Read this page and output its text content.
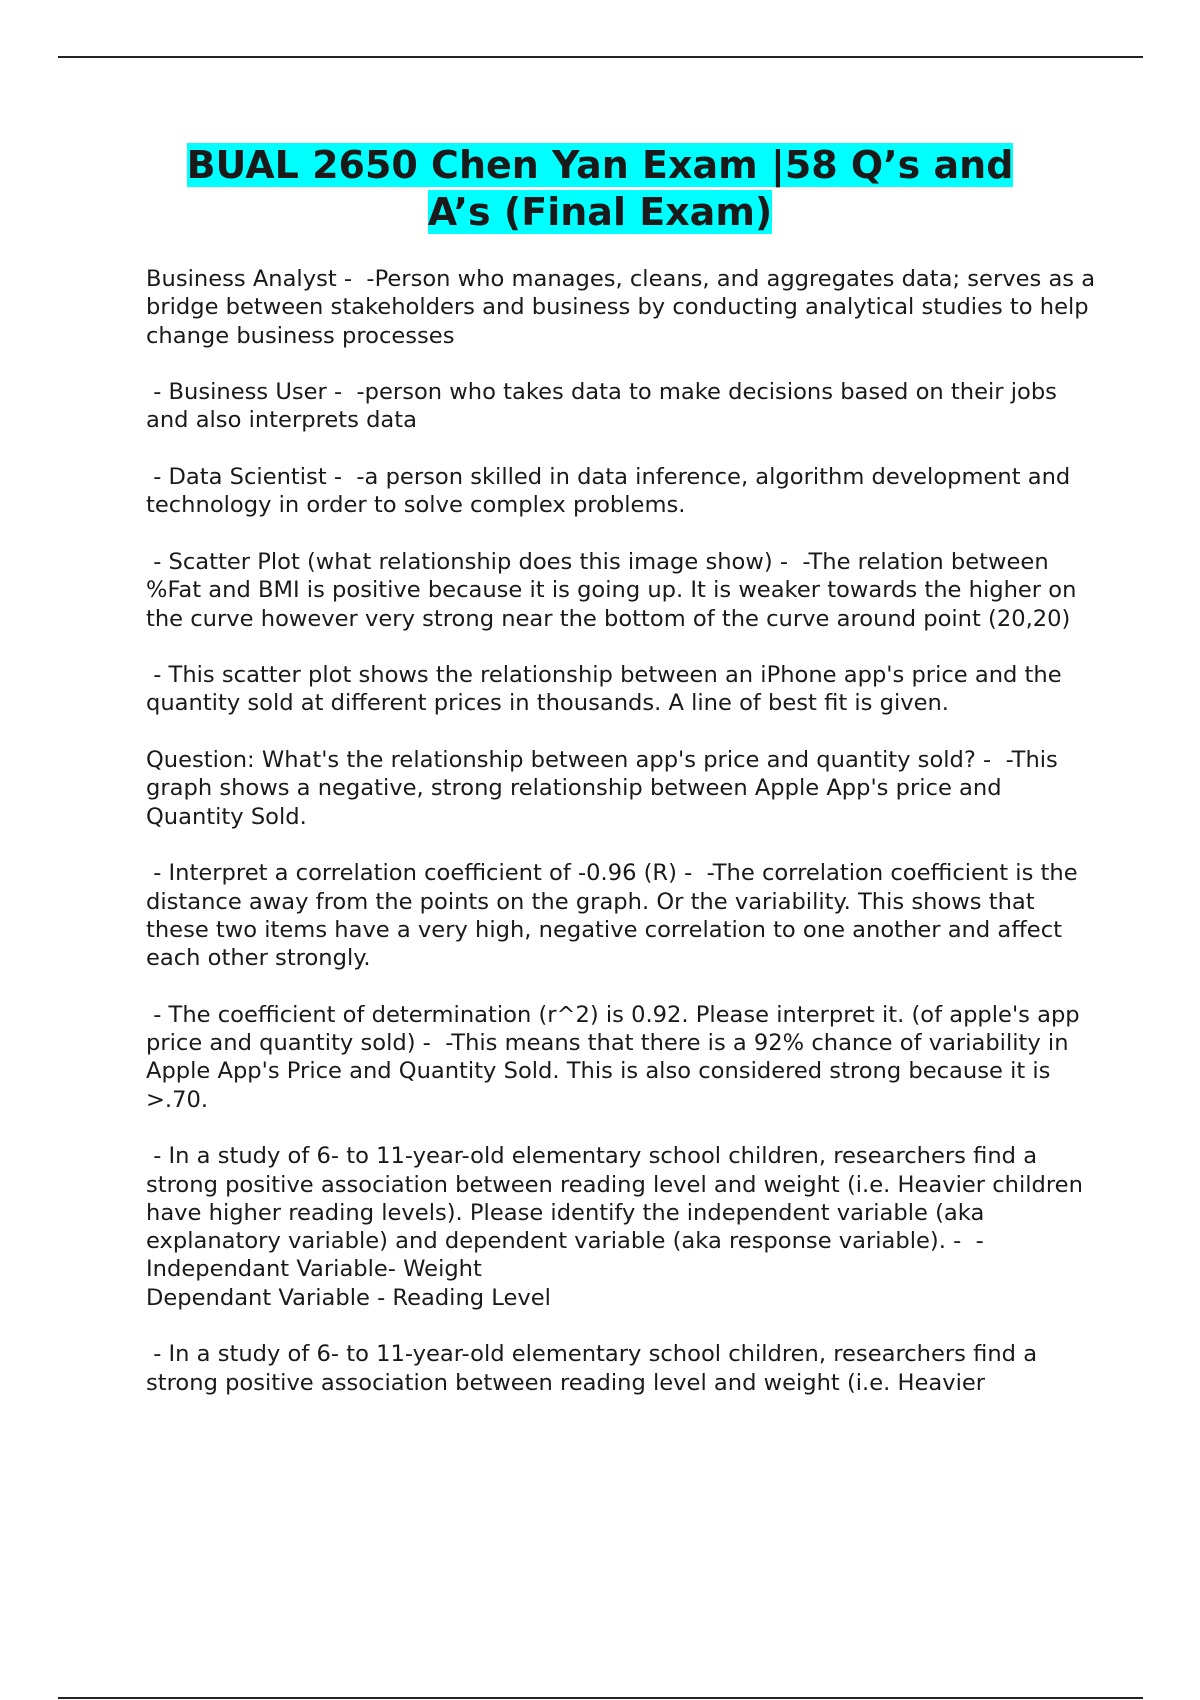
BUAL 2650 Chen Yan Exam |58 Q’s and
A’s (Final Exam)

Business Analyst -  -Person who manages, cleans, and aggregates data; serves as a bridge between stakeholders and business by conducting analytical studies to help change business processes

- Business User -  -person who takes data to make decisions based on their jobs and also interprets data

- Data Scientist -  -a person skilled in data inference, algorithm development and technology in order to solve complex problems.

- Scatter Plot (what relationship does this image show) -  -The relation between %Fat and BMI is positive because it is going up. It is weaker towards the higher on the curve however very strong near the bottom of the curve around point (20,20)

- This scatter plot shows the relationship between an iPhone app's price and the quantity sold at different prices in thousands. A line of best fit is given.

Question: What's the relationship between app's price and quantity sold? -  -This graph shows a negative, strong relationship between Apple App's price and Quantity Sold.

- Interpret a correlation coefficient of -0.96 (R) -  -The correlation coefficient is the distance away from the points on the graph. Or the variability. This shows that these two items have a very high, negative correlation to one another and affect each other strongly.

- The coefficient of determination (r^2) is 0.92. Please interpret it. (of apple's app price and quantity sold) -  -This means that there is a 92% chance of variability in Apple App's Price and Quantity Sold. This is also considered strong because it is >.70.

- In a study of 6- to 11-year-old elementary school children, researchers find a strong positive association between reading level and weight (i.e. Heavier children have higher reading levels). Please identify the independent variable (aka explanatory variable) and dependent variable (aka response variable). -  -Independant Variable- Weight
Dependant Variable - Reading Level

- In a study of 6- to 11-year-old elementary school children, researchers find a strong positive association between reading level and weight (i.e. Heavier
